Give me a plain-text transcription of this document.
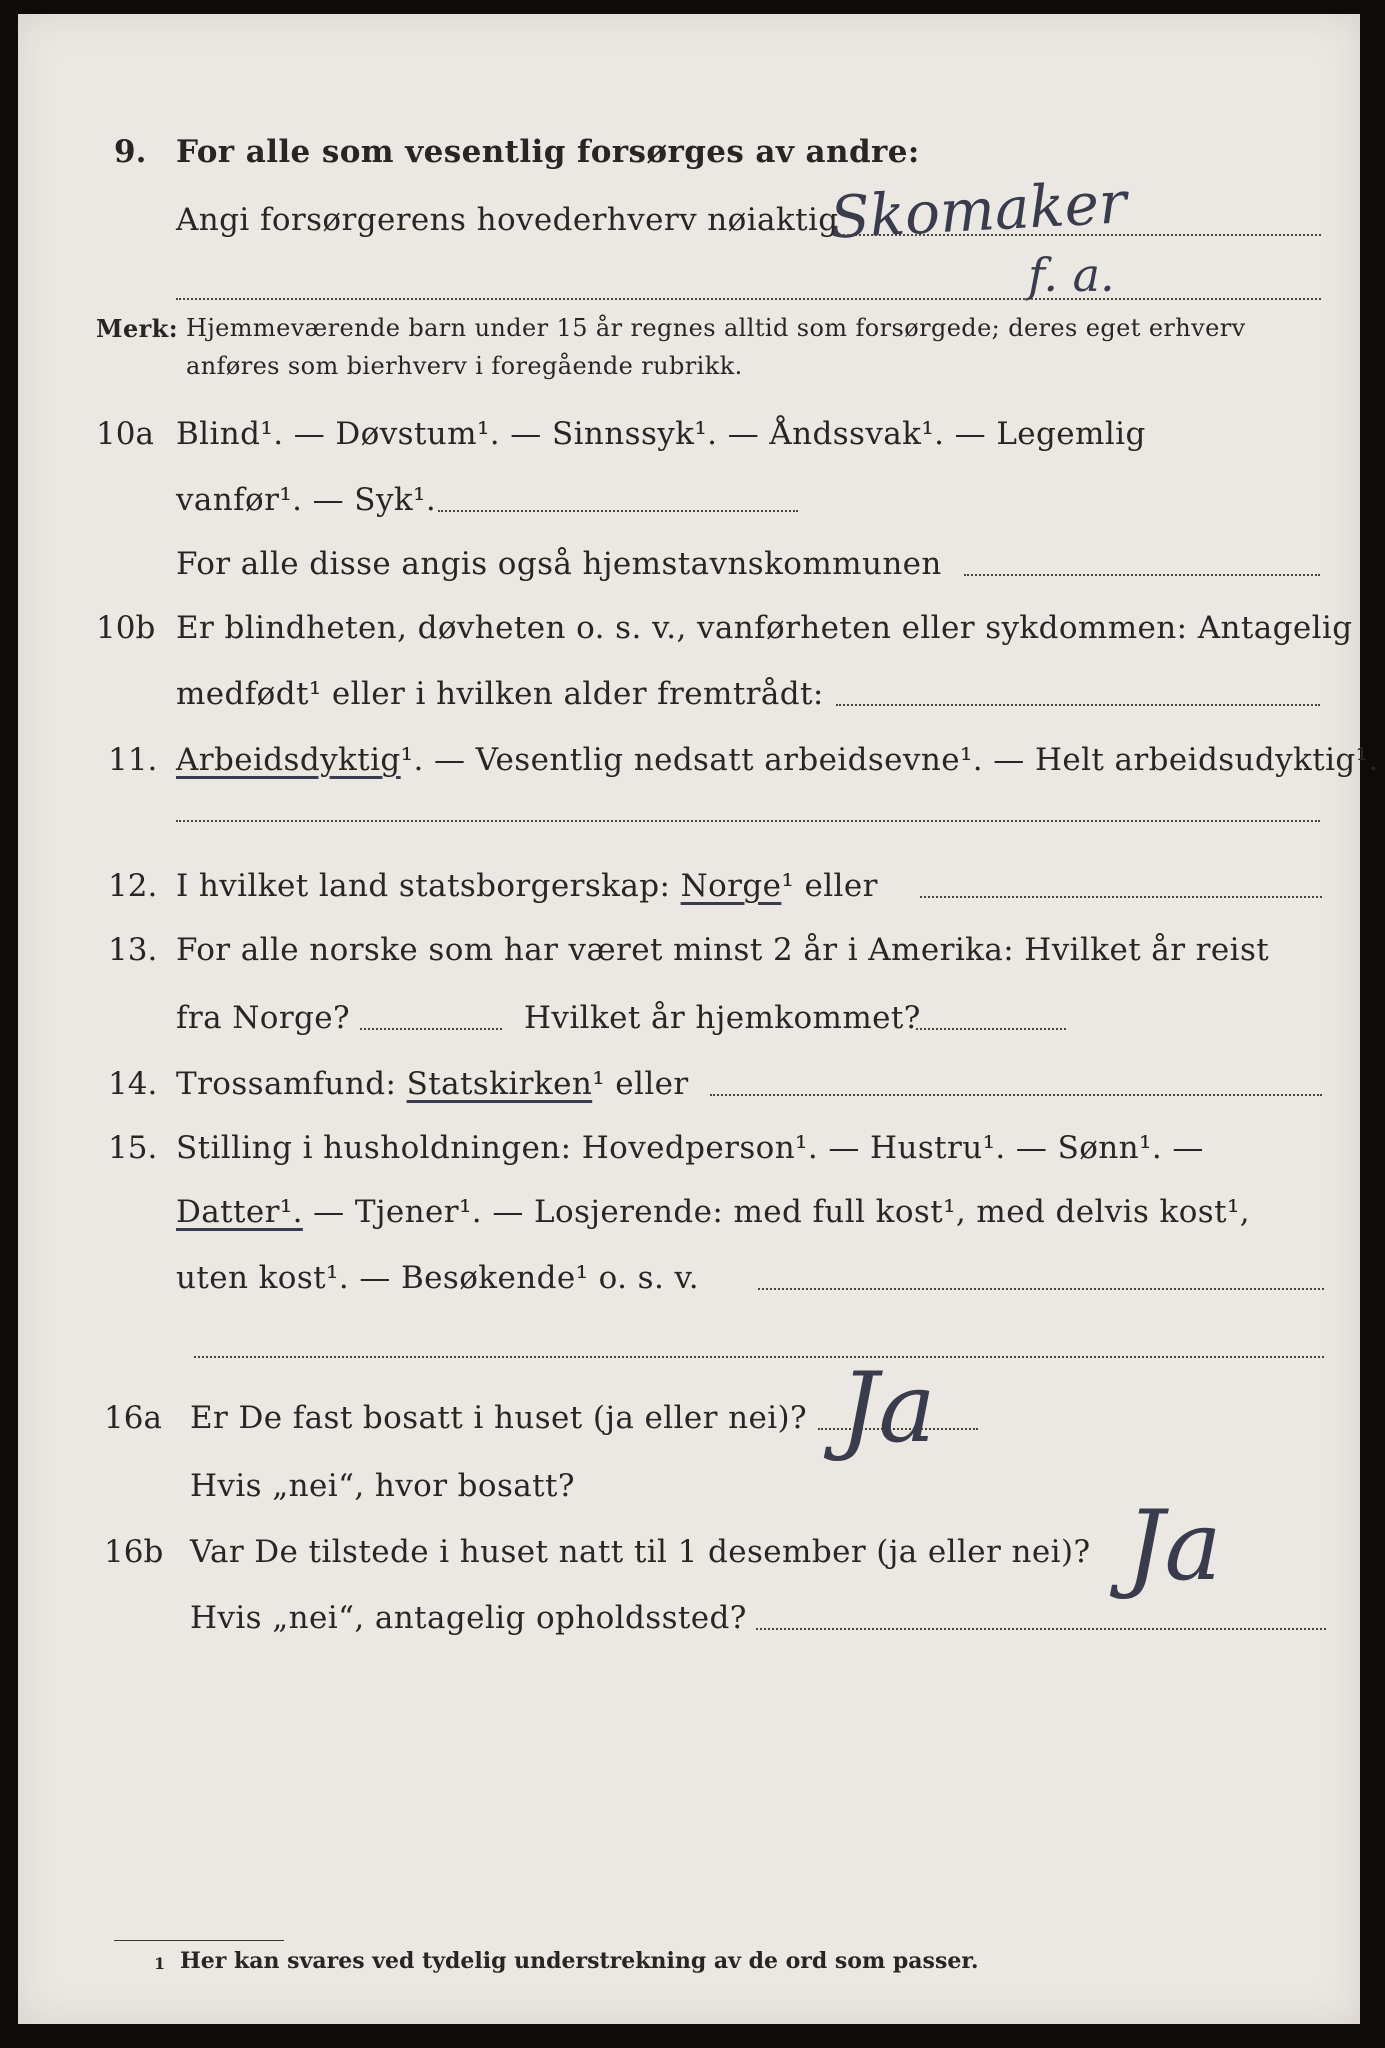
9. For alle som vesentlig forsørges av andre:
Angi forsørgerens hovederhverv nøiaktig
Skomaker
f. a.
Merk: Hjemmeværende barn under 15 år regnes alltid som forsørgede; deres eget erhverv
anføres som bierhverv i foregående rubrikk.
10a Blind¹. — Døvstum¹. — Sinnssyk¹. — Åndssvak¹. — Legemlig
vanfør¹. — Syk¹.
For alle disse angis også hjemstavnskommunen
10b Er blindheten, døvheten o. s. v., vanførheten eller sykdommen: Antagelig
medfødt¹ eller i hvilken alder fremtrådt:
11. Arbeidsdyktig¹. — Vesentlig nedsatt arbeidsevne¹. — Helt arbeidsudyktig¹.
12. I hvilket land statsborgerskap: Norge¹ eller
13. For alle norske som har været minst 2 år i Amerika: Hvilket år reist
fra Norge?	Hvilket år hjemkommet?
14. Trossamfund: Statskirken¹ eller
15. Stilling i husholdningen: Hovedperson¹. — Hustru¹. — Sønn¹. —
Datter¹. — Tjener¹. — Losjerende: med full kost¹, med delvis kost¹,
uten kost¹. — Besøkende¹ o. s. v.
16a Er De fast bosatt i huset (ja eller nei)? Ja
Hvis „nei“, hvor bosatt?
16b Var De tilstede i huset natt til 1 desember (ja eller nei)? Ja
Hvis „nei“, antagelig opholdssted?
1 Her kan svares ved tydelig understrekning av de ord som passer.
